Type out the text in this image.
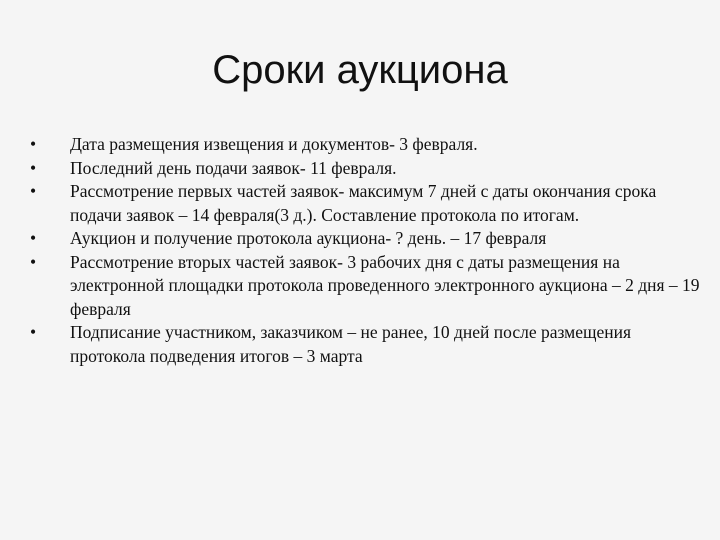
Сроки аукциона
•	Дата размещения извещения и документов- 3 февраля.
•	Последний день подачи заявок- 11 февраля.
•	Рассмотрение первых частей заявок- максимум 7 дней с даты окончания срока подачи заявок – 14 февраля(3 д.). Составление протокола по итогам.
•	Аукцион и получение протокола аукциона- ? день. – 17 февраля
•	Рассмотрение вторых частей заявок- 3 рабочих дня с даты размещения на электронной площадки протокола проведенного электронного аукциона – 2 дня – 19 февраля
•	Подписание участником, заказчиком – не ранее, 10 дней после размещения протокола подведения итогов – 3 марта
